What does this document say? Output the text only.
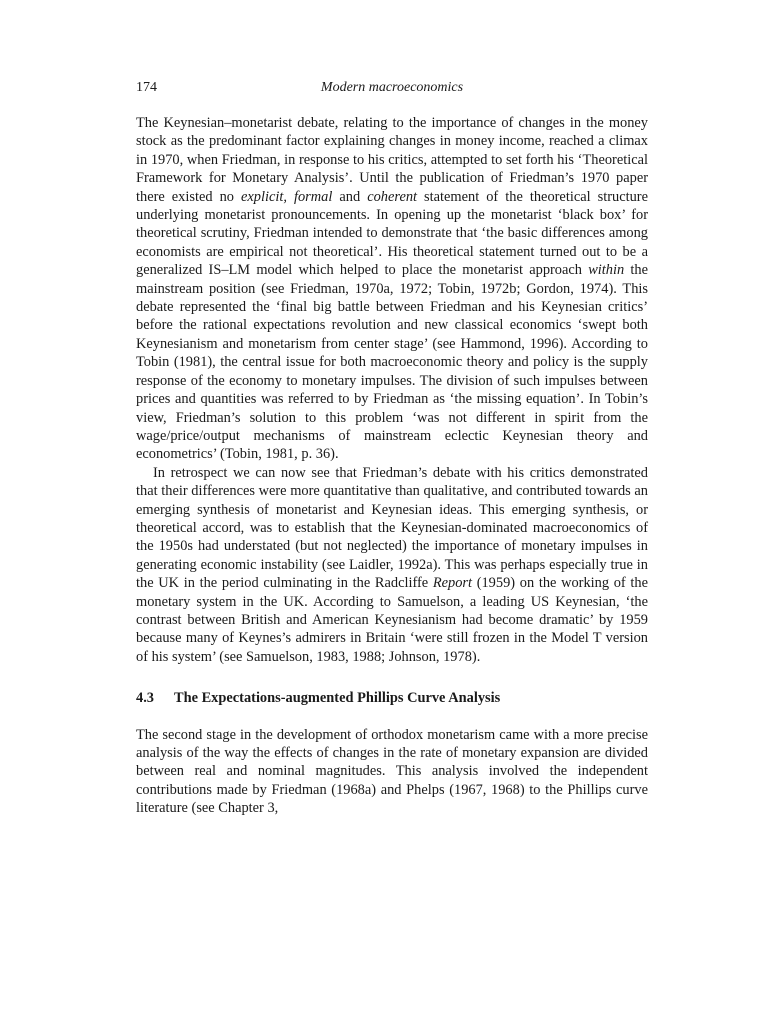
174	Modern macroeconomics

The Keynesian–monetarist debate, relating to the importance of changes in the money stock as the predominant factor explaining changes in money income, reached a climax in 1970, when Friedman, in response to his critics, attempted to set forth his ‘Theoretical Framework for Monetary Analysis’. Until the publication of Friedman’s 1970 paper there existed no explicit, formal and coherent statement of the theoretical structure underlying monetarist pronouncements. In opening up the monetarist ‘black box’ for theoretical scrutiny, Friedman intended to demonstrate that ‘the basic differences among economists are empirical not theoretical’. His theoretical statement turned out to be a generalized IS–LM model which helped to place the monetarist approach within the mainstream position (see Friedman, 1970a, 1972; Tobin, 1972b; Gordon, 1974). This debate represented the ‘final big battle between Friedman and his Keynesian critics’ before the rational expectations revolution and new classical economics ‘swept both Keynesianism and monetarism from center stage’ (see Hammond, 1996). According to Tobin (1981), the central issue for both macroeconomic theory and policy is the supply response of the economy to monetary impulses. The division of such impulses between prices and quantities was referred to by Friedman as ‘the missing equation’. In Tobin’s view, Friedman’s solution to this problem ‘was not different in spirit from the wage/price/output mechanisms of mainstream eclectic Keynesian theory and econometrics’ (Tobin, 1981, p. 36).

In retrospect we can now see that Friedman’s debate with his critics demonstrated that their differences were more quantitative than qualitative, and contributed towards an emerging synthesis of monetarist and Keynesian ideas. This emerging synthesis, or theoretical accord, was to establish that the Keynesian-dominated macroeconomics of the 1950s had understated (but not neglected) the importance of monetary impulses in generating economic instability (see Laidler, 1992a). This was perhaps especially true in the UK in the period culminating in the Radcliffe Report (1959) on the working of the monetary system in the UK. According to Samuelson, a leading US Keynesian, ‘the contrast between British and American Keynesianism had become dramatic’ by 1959 because many of Keynes’s admirers in Britain ‘were still frozen in the Model T version of his system’ (see Samuelson, 1983, 1988; Johnson, 1978).

4.3 The Expectations-augmented Phillips Curve Analysis

The second stage in the development of orthodox monetarism came with a more precise analysis of the way the effects of changes in the rate of monetary expansion are divided between real and nominal magnitudes. This analysis involved the independent contributions made by Friedman (1968a) and Phelps (1967, 1968) to the Phillips curve literature (see Chapter 3,
